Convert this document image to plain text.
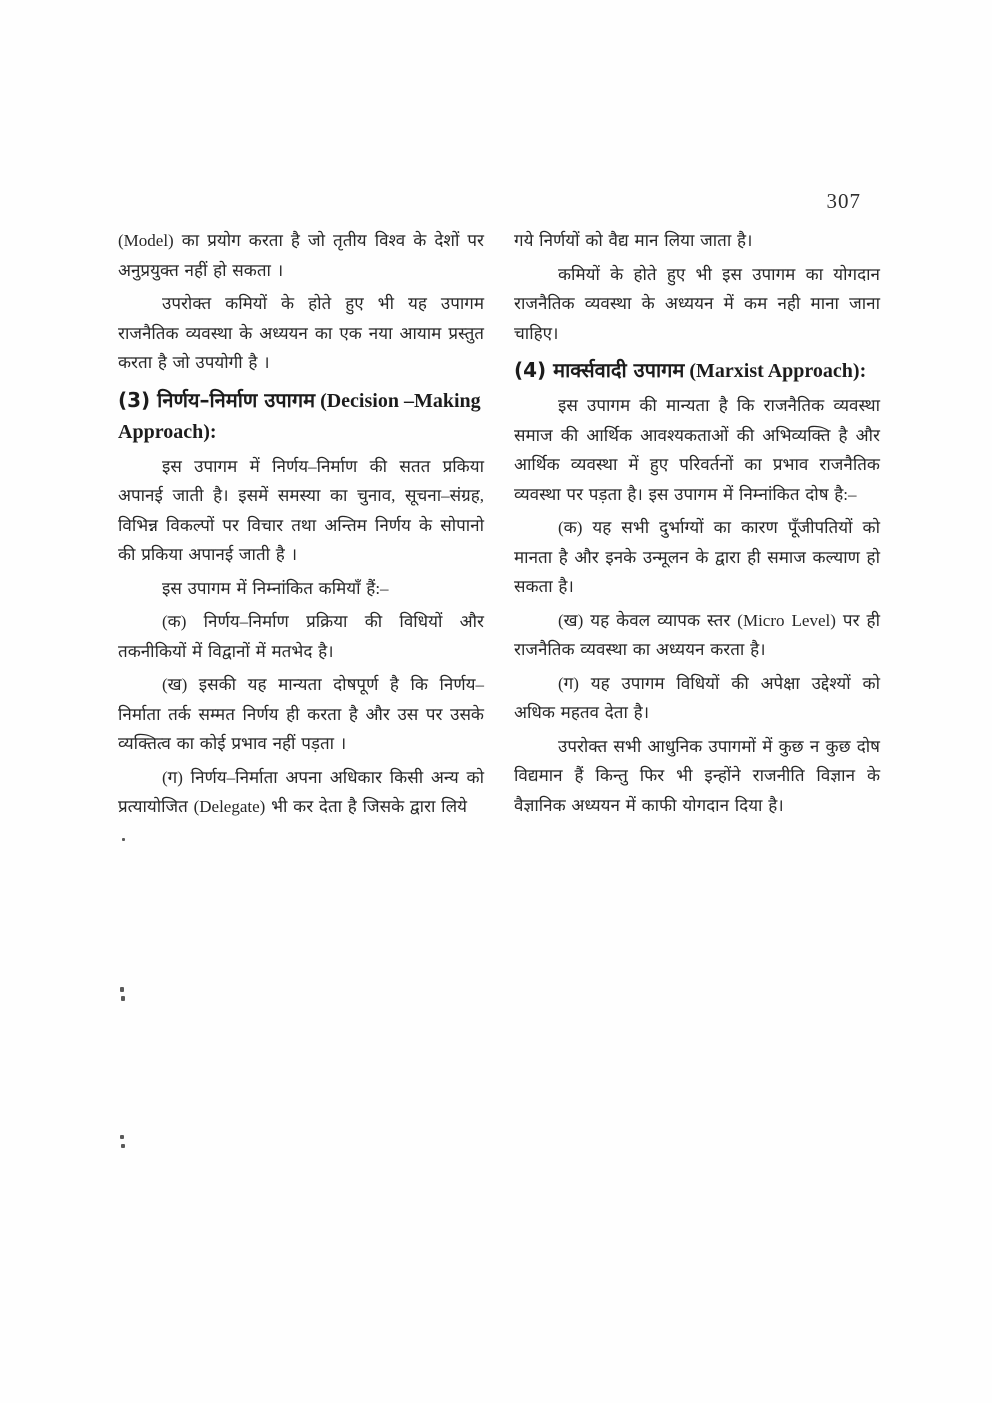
307

(Model) का प्रयोग करता है जो तृतीय विश्व के देशों पर अनुप्रयुक्त नहीं हो सकता ।

उपरोक्त कमियों के होते हुए भी यह उपागम राजनैतिक व्यवस्था के अध्ययन का एक नया आयाम प्रस्तुत करता है जो उपयोगी है ।

(3) निर्णय–निर्माण उपागम (Decision –Making Approach):

इस उपागम में निर्णय–निर्माण की सतत प्रकिया अपानई जाती है। इसमें समस्या का चुनाव, सूचना–संग्रह, विभिन्न विकल्पों पर विचार तथा अन्तिम निर्णय के सोपानो की प्रकिया अपानई जाती है ।

इस उपागम में निम्नांकित कमियाँ हैं:–

(क) निर्णय–निर्माण प्रक्रिया की विधियों और तकनीकियों में विद्वानों में मतभेद है।

(ख) इसकी यह मान्यता दोषपूर्ण है कि निर्णय–निर्माता तर्क सम्मत निर्णय ही करता है और उस पर उसके व्यक्तित्व का कोई प्रभाव नहीं पड़ता ।

(ग) निर्णय–निर्माता अपना अधिकार किसी अन्य को प्रत्यायोजित (Delegate) भी कर देता है जिसके द्वारा लिये

गये निर्णयों को वैद्य मान लिया जाता है।

कमियों के होते हुए भी इस उपागम का योगदान राजनैतिक व्यवस्था के अध्ययन में कम नही माना जाना चाहिए।

(4) मार्क्सवादी उपागम (Marxist Approach):

इस उपागम की मान्यता है कि राजनैतिक व्यवस्था समाज की आर्थिक आवश्यकताओं की अभिव्यक्ति है और आर्थिक व्यवस्था में हुए परिवर्तनों का प्रभाव राजनैतिक व्यवस्था पर पड़ता है। इस उपागम में निम्नांकित दोष है:–

(क) यह सभी दुर्भाग्यों का कारण पूँजीपतियों को मानता है और इनके उन्मूलन के द्वारा ही समाज कल्याण हो सकता है।

(ख) यह केवल व्यापक स्तर (Micro Level) पर ही राजनैतिक व्यवस्था का अध्ययन करता है।

(ग) यह उपागम विधियों की अपेक्षा उद्देश्यों को अधिक महतव देता है।

उपरोक्त सभी आधुनिक उपागमों में कुछ न कुछ दोष विद्यमान हैं किन्तु फिर भी इन्होंने राजनीति विज्ञान के वैज्ञानिक अध्ययन में काफी योगदान दिया है।
